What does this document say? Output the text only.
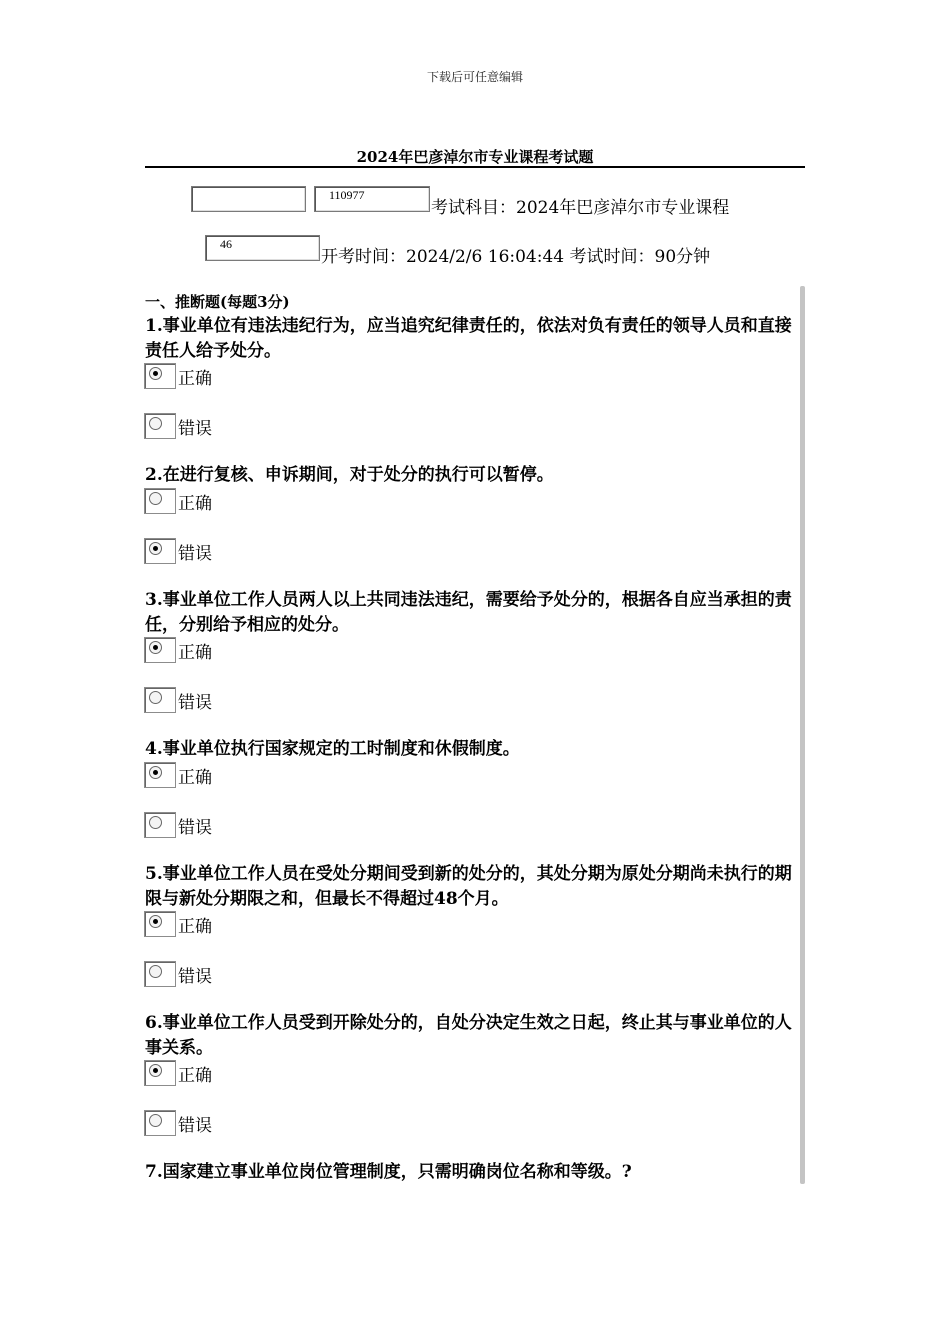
下载后可任意编辑
2024年巴彦淖尔市专业课程考试题
110977
考试科目：2024年巴彦淖尔市专业课程
46
开考时间：2024/2/6 16:04:44 考试时间：90分钟
一、推断题(每题3分)
1.事业单位有违法违纪行为，应当追究纪律责任的，依法对负有责任的领导人员和直接责任人给予处分。
正确
错误
2.在进行复核、申诉期间，对于处分的执行可以暂停。
正确
错误
3.事业单位工作人员两人以上共同违法违纪，需要给予处分的，根据各自应当承担的责任，分别给予相应的处分。
正确
错误
4.事业单位执行国家规定的工时制度和休假制度。
正确
错误
5.事业单位工作人员在受处分期间受到新的处分的，其处分期为原处分期尚未执行的期限与新处分期限之和，但最长不得超过48个月。
正确
错误
6.事业单位工作人员受到开除处分的，自处分决定生效之日起，终止其与事业单位的人事关系。
正确
错误
7.国家建立事业单位岗位管理制度，只需明确岗位名称和等级。?
